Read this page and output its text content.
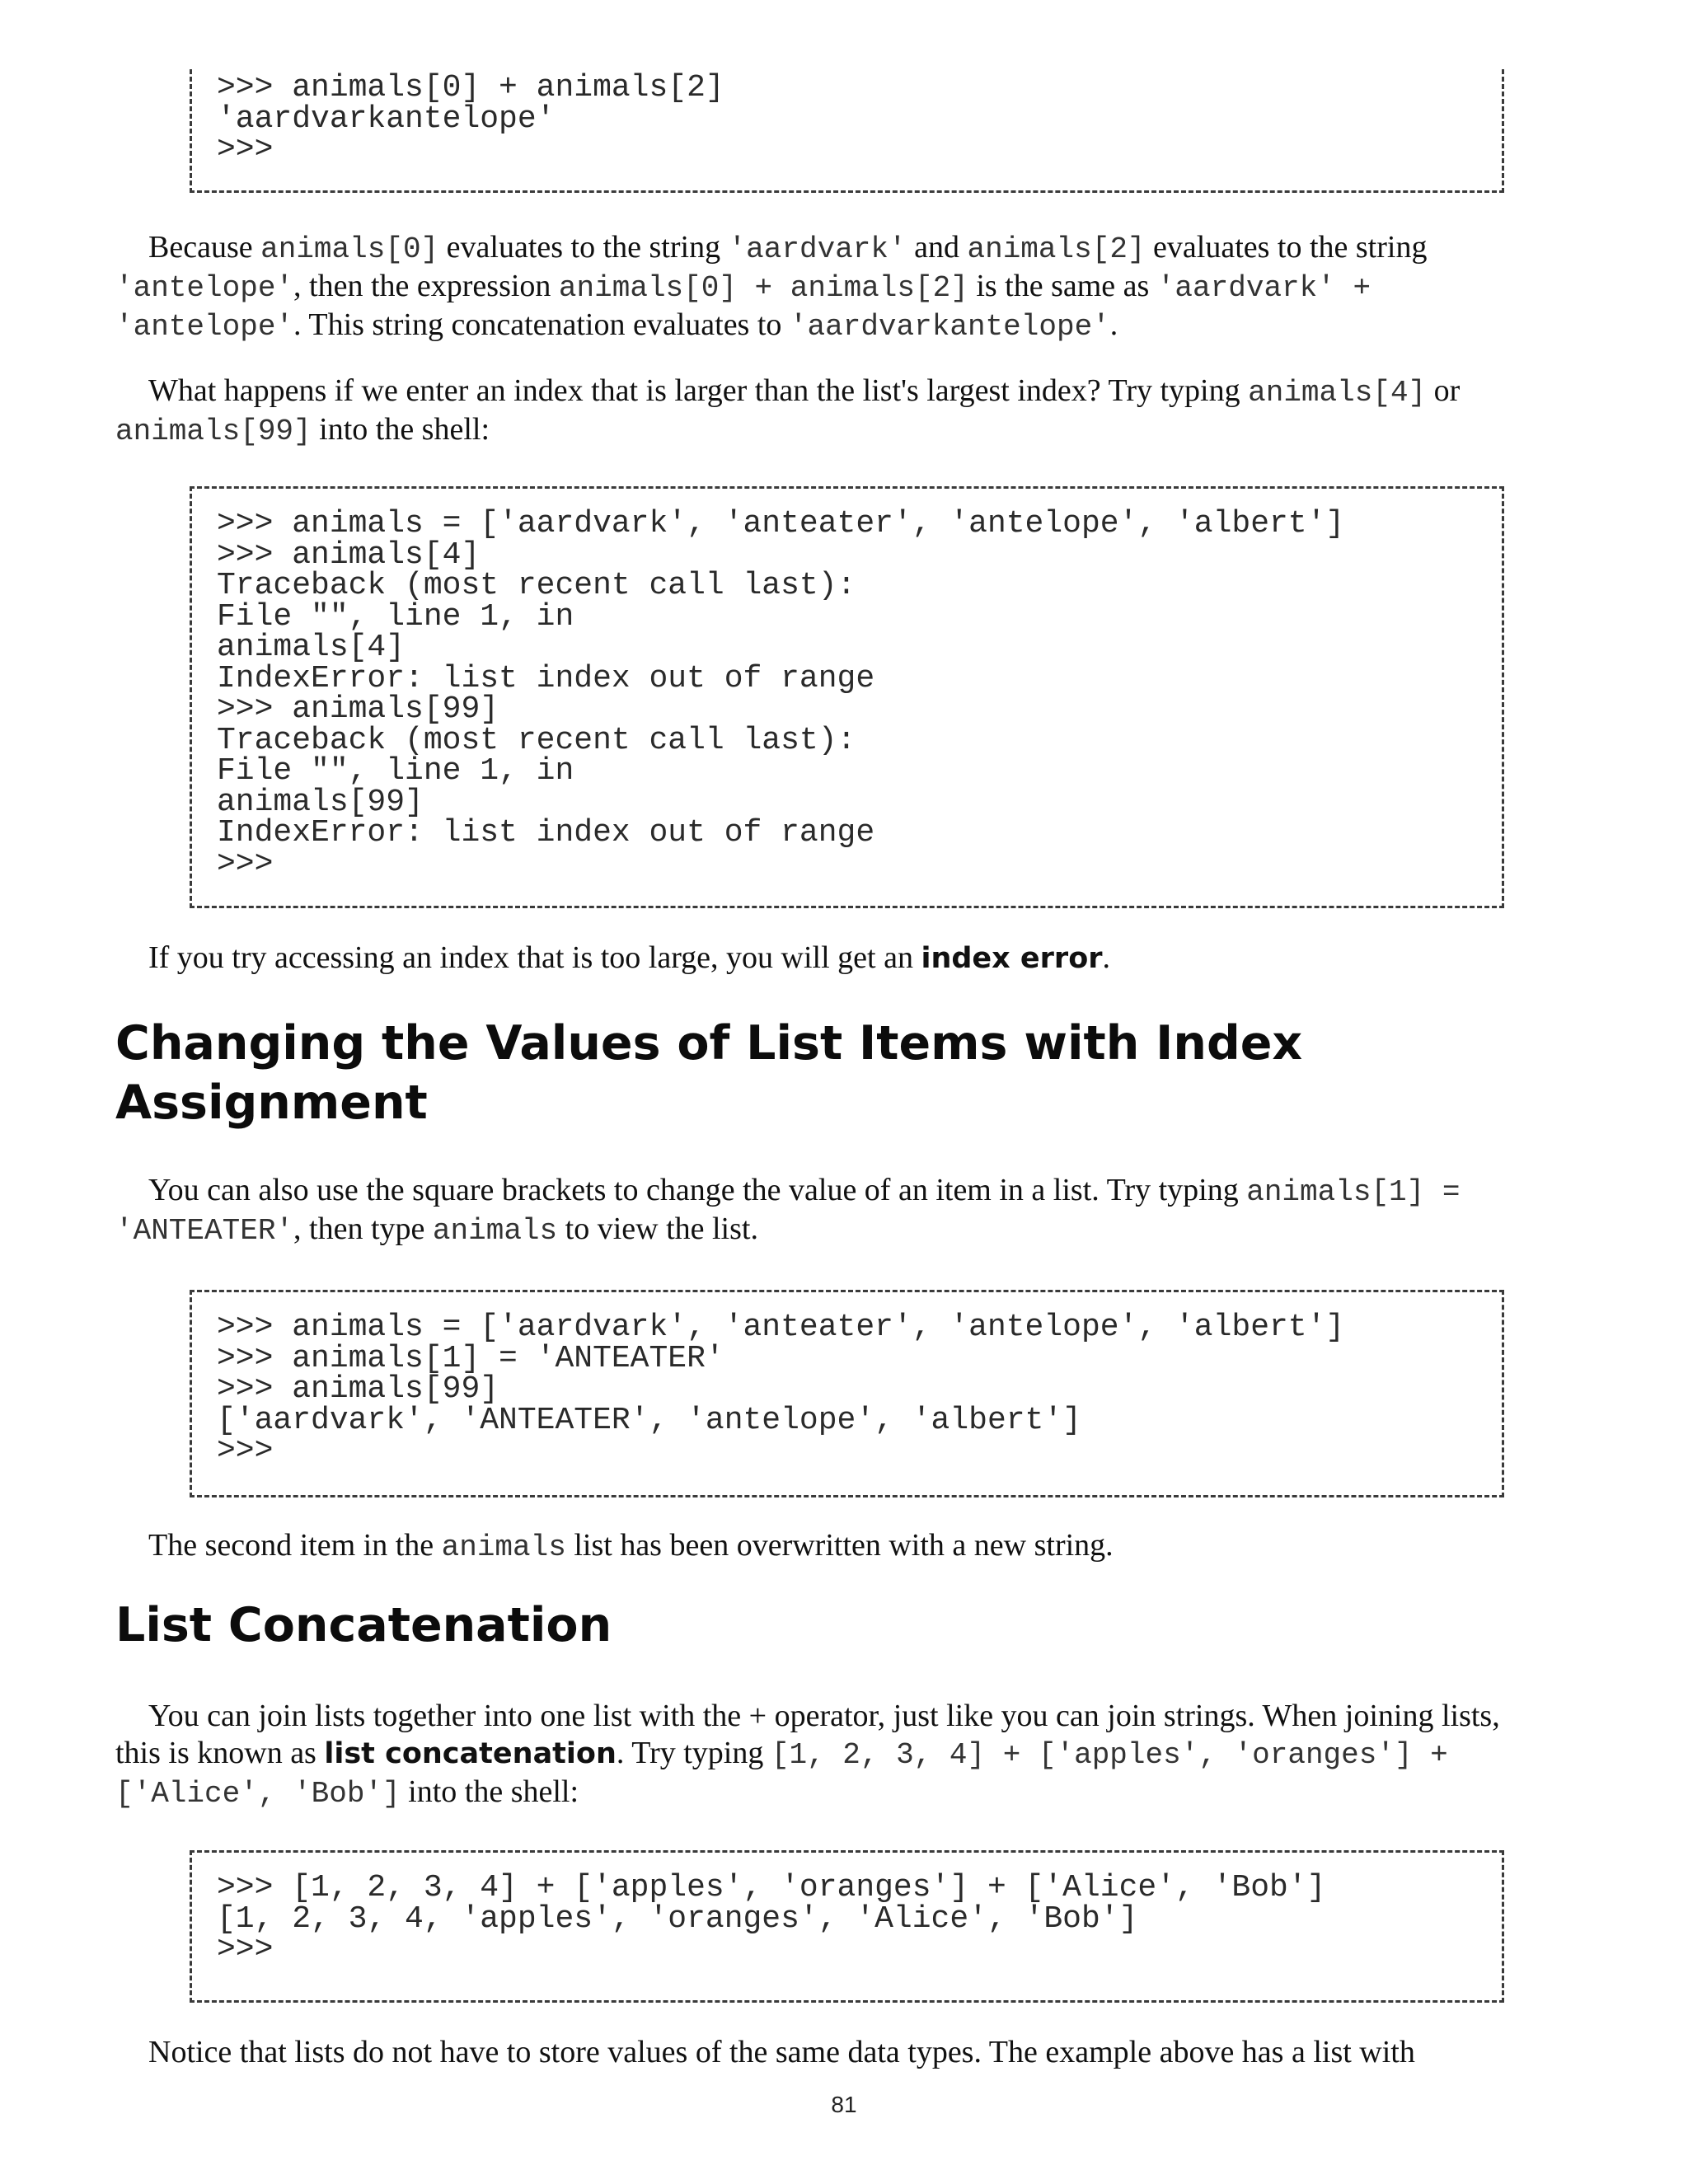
>>> animals[0] + animals[2]
'aardvarkantelope'
>>>

Because animals[0] evaluates to the string 'aardvark' and animals[2] evaluates to the string 'antelope', then the expression animals[0] + animals[2] is the same as 'aardvark' + 'antelope'. This string concatenation evaluates to 'aardvarkantelope'.

What happens if we enter an index that is larger than the list's largest index? Try typing animals[4] or animals[99] into the shell:

>>> animals = ['aardvark', 'anteater', 'antelope', 'albert']
>>> animals[4]
Traceback (most recent call last):
File "", line 1, in
animals[4]
IndexError: list index out of range
>>> animals[99]
Traceback (most recent call last):
File "", line 1, in
animals[99]
IndexError: list index out of range
>>>

If you try accessing an index that is too large, you will get an index error.

Changing the Values of List Items with Index Assignment

You can also use the square brackets to change the value of an item in a list. Try typing animals[1] = 'ANTEATER', then type animals to view the list.

>>> animals = ['aardvark', 'anteater', 'antelope', 'albert']
>>> animals[1] = 'ANTEATER'
>>> animals[99]
['aardvark', 'ANTEATER', 'antelope', 'albert']
>>>

The second item in the animals list has been overwritten with a new string.

List Concatenation

You can join lists together into one list with the + operator, just like you can join strings. When joining lists, this is known as list concatenation. Try typing [1, 2, 3, 4] + ['apples', 'oranges'] + ['Alice', 'Bob'] into the shell:

>>> [1, 2, 3, 4] + ['apples', 'oranges'] + ['Alice', 'Bob']
[1, 2, 3, 4, 'apples', 'oranges', 'Alice', 'Bob']
>>>

Notice that lists do not have to store values of the same data types. The example above has a list with

81
